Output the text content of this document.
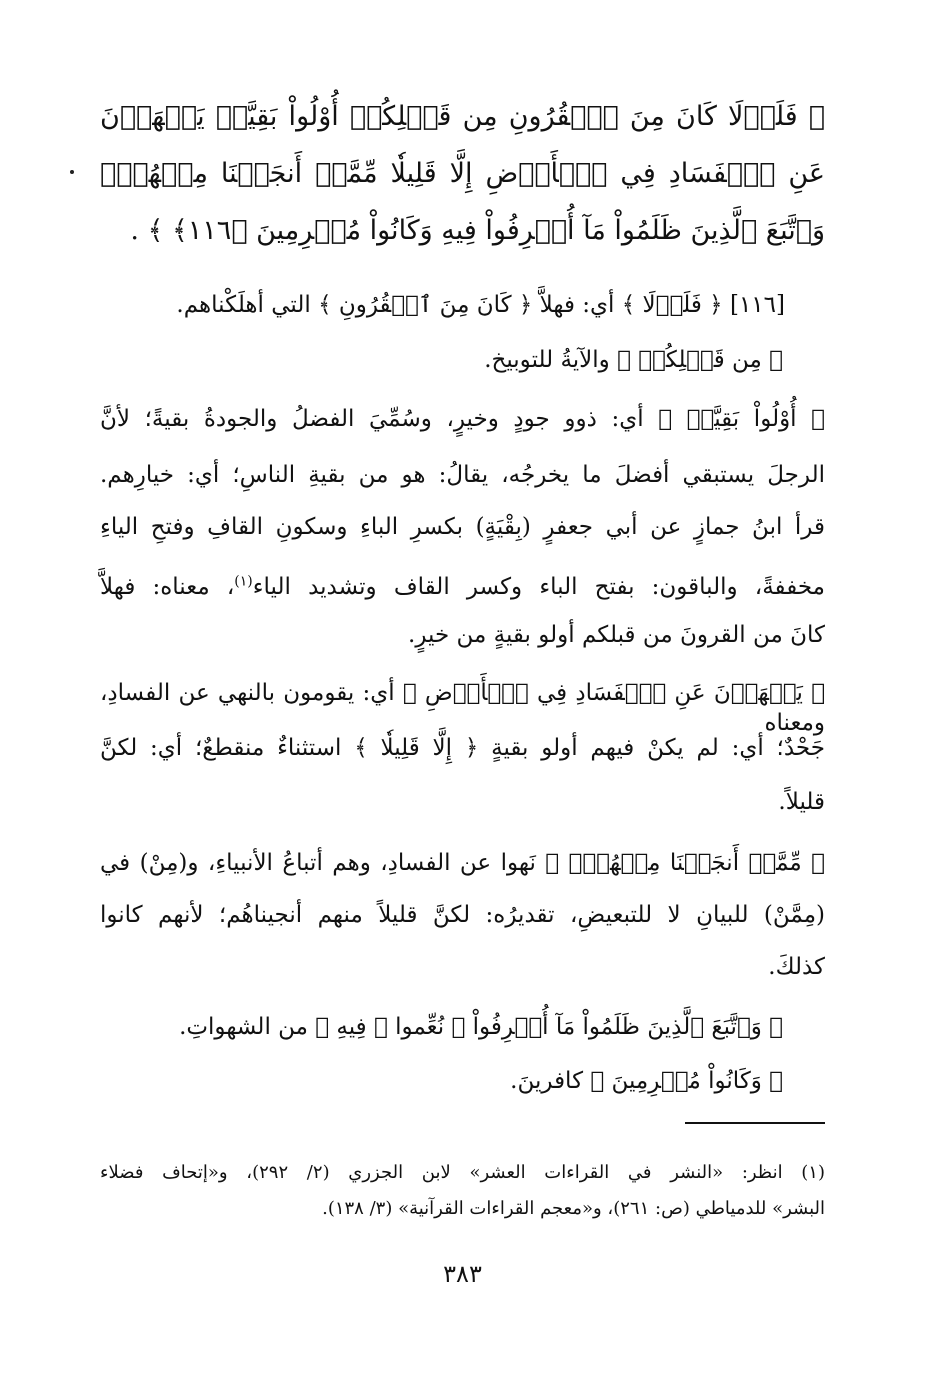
﴿ فَلَوۡلَا كَانَ مِنَ ٱلۡقُرُونِ مِن قَبۡلِكُمۡ أُوْلُواْ بَقِيَّةٖ يَنۡهَوۡنَ عَنِ ٱلۡفَسَادِ فِي ٱلۡأَرۡضِ إِلَّا قَلِيلٗا مِّمَّنۡ أَنجَيۡنَا مِنۡهُمۡۗ وَٱتَّبَعَ ٱلَّذِينَ ظَلَمُواْ مَآ أُتۡرِفُواْ فِيهِ وَكَانُواْ مُجۡرِمِينَ ﴿١١٦﴾ ﴾ .
[١١٦] ﴿ فَلَوۡلَا ﴾ أي: فهلاَّ ﴿ كَانَ مِنَ ٱلۡقُرُونِ ﴾ التي أهلَكْناهم.
﴿ مِن قَبۡلِكُمۡ ﴾ والآيةُ للتوبيخ.
﴿ أُوْلُواْ بَقِيَّةٖ ﴾ أي: ذوو جودٍ وخيرٍ، وسُمِّيَ الفضلُ والجودةُ بقيةً؛ لأنَّ
الرجلَ يستبقي أفضلَ ما يخرجُه، يقالُ: هو من بقيةِ الناسِ؛ أي: خيارِهم.
قرأ ابنُ جمازٍ عن أبي جعفرٍ (بِقْيَةٍ) بكسرِ الباءِ وسكونِ القافِ وفتحِ الياءِ
مخففةً، والباقون: بفتح الباء وكسر القاف وتشديد الياء$^{(١)}$، معناه: فهلاَّ
كانَ من القرونَ من قبلكم أولو بقيةٍ من خيرٍ.
﴿ يَنۡهَوۡنَ عَنِ ٱلۡفَسَادِ فِي ٱلۡأَرۡضِ ﴾ أي: يقومون بالنهي عن الفسادِ، ومعناه
جَحْدٌ؛ أي: لم يكنْ فيهم أولو بقيةٍ ﴿ إِلَّا قَلِيلٗا ﴾ استثناءٌ منقطعٌ؛ أي: لكنَّ
قليلاً.
﴿ مِّمَّنۡ أَنجَيۡنَا مِنۡهُمۡۗ ﴾ نَهوا عن الفسادِ، وهم أتباعُ الأنبياءِ، و(مِنْ) في
(مِمَّنْ) للبيانِ لا للتبعيضِ، تقديرُه: لكنَّ قليلاً منهم أنجيناهُم؛ لأنهم كانوا
كذلكَ.
﴿ وَٱتَّبَعَ ٱلَّذِينَ ظَلَمُواْ مَآ أُتۡرِفُواْ ﴾ نُعِّموا ﴿ فِيهِ ﴾ من الشهواتِ.
﴿ وَكَانُواْ مُجۡرِمِينَ ﴾ كافرينَ.
(١) انظر: «النشر في القراءات العشر» لابن الجزري (٢/ ٢٩٢)، و«إتحاف فضلاء
البشر» للدمياطي (ص: ٢٦١)، و«معجم القراءات القرآنية» (٣/ ١٣٨).
٣٨٣
